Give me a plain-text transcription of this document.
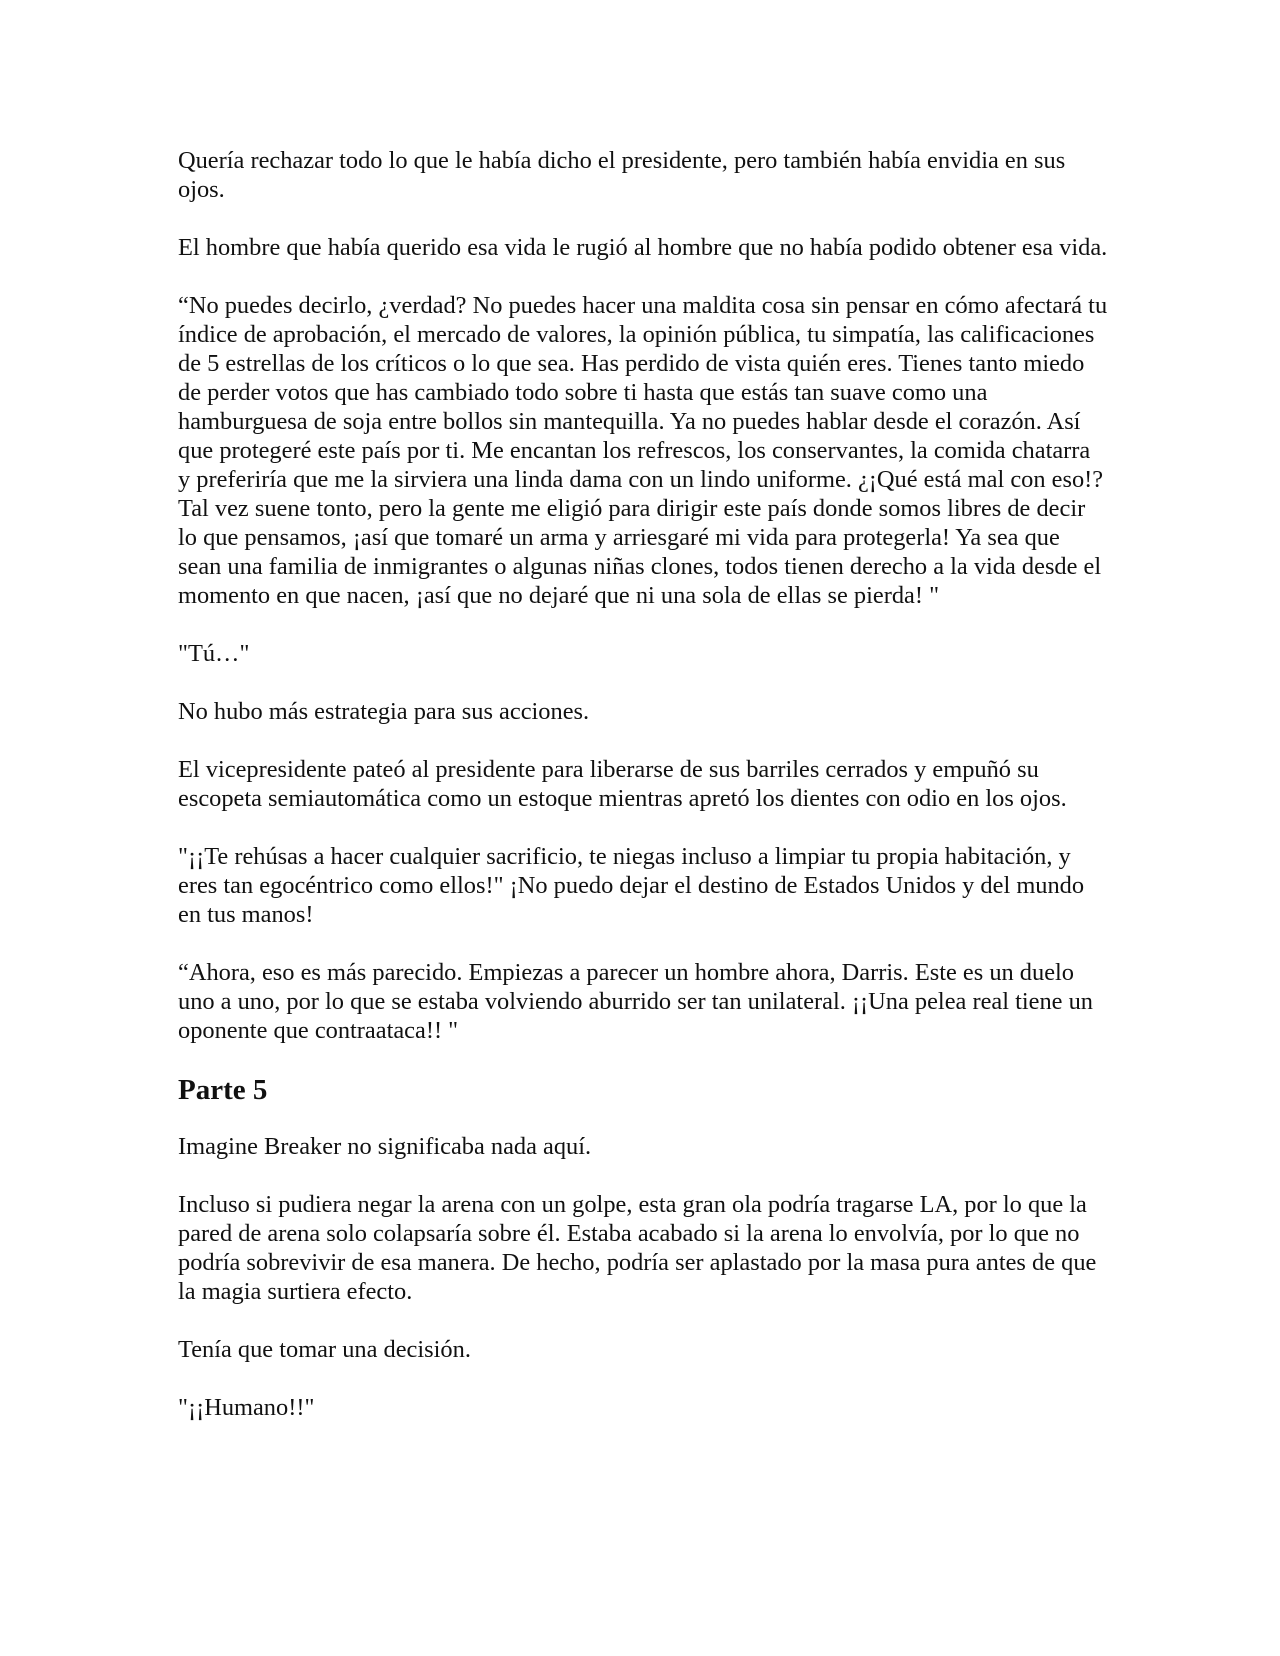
Quería rechazar todo lo que le había dicho el presidente, pero también había envidia en sus ojos.

El hombre que había querido esa vida le rugió al hombre que no había podido obtener esa vida.

“No puedes decirlo, ¿verdad? No puedes hacer una maldita cosa sin pensar en cómo afectará tu índice de aprobación, el mercado de valores, la opinión pública, tu simpatía, las calificaciones de 5 estrellas de los críticos o lo que sea. Has perdido de vista quién eres. Tienes tanto miedo de perder votos que has cambiado todo sobre ti hasta que estás tan suave como una hamburguesa de soja entre bollos sin mantequilla. Ya no puedes hablar desde el corazón. Así que protegeré este país por ti. Me encantan los refrescos, los conservantes, la comida chatarra y preferiría que me la sirviera una linda dama con un lindo uniforme. ¿¡Qué está mal con eso!? Tal vez suene tonto, pero la gente me eligió para dirigir este país donde somos libres de decir lo que pensamos, ¡así que tomaré un arma y arriesgaré mi vida para protegerla! Ya sea que sean una familia de inmigrantes o algunas niñas clones, todos tienen derecho a la vida desde el momento en que nacen, ¡así que no dejaré que ni una sola de ellas se pierda! "

"Tú…"

No hubo más estrategia para sus acciones.

El vicepresidente pateó al presidente para liberarse de sus barriles cerrados y empuñó su escopeta semiautomática como un estoque mientras apretó los dientes con odio en los ojos.

"¡¡Te rehúsas a hacer cualquier sacrificio, te niegas incluso a limpiar tu propia habitación, y eres tan egocéntrico como ellos!" ¡No puedo dejar el destino de Estados Unidos y del mundo en tus manos!

“Ahora, eso es más parecido. Empiezas a parecer un hombre ahora, Darris. Este es un duelo uno a uno, por lo que se estaba volviendo aburrido ser tan unilateral. ¡¡Una pelea real tiene un oponente que contraataca!! "

Parte 5

Imagine Breaker no significaba nada aquí.

Incluso si pudiera negar la arena con un golpe, esta gran ola podría tragarse LA, por lo que la pared de arena solo colapsaría sobre él. Estaba acabado si la arena lo envolvía, por lo que no podría sobrevivir de esa manera. De hecho, podría ser aplastado por la masa pura antes de que la magia surtiera efecto.

Tenía que tomar una decisión.

"¡¡Humano!!"
